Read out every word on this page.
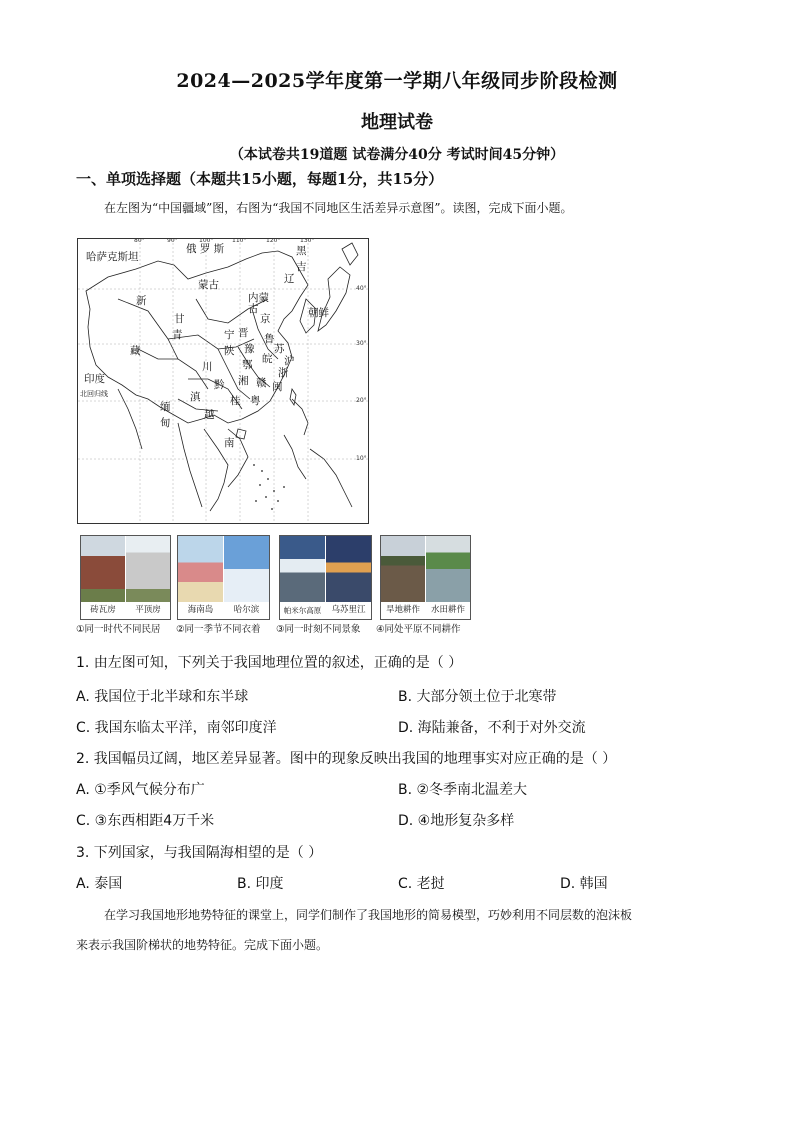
2024—2025学年度第一学期八年级同步阶段检测
地理试卷
（本试卷共19道题 试卷满分40分 考试时间45分钟）
一、单项选择题（本题共15小题，每题1分，共15分）
在左图为“中国疆域”图，右图为“我国不同地区生活差异示意图”。读图，完成下面小题。
80°	90°	100°	110°	120°	130°
40°
30°
20°
10°
哈萨克斯坦
俄 罗 斯
蒙古
新
甘
青
藏
印度
北回归线
川
滇
黔
缅
甸
越
南
桂
湘 赣 闽
粤
黑
吉
辽
朝鲜
内蒙古
晋
豫
鲁
京
陕
鄂 皖
苏
沪
浙
宁
砖瓦房	平顶房	海南岛	哈尔滨	帕米尔高原	乌苏里江	旱地耕作	水田耕作
①同一时代不同民居 ②同一季节不同衣着 ③同一时刻不同景象 ④同处平原不同耕作
1. 由左图可知，下列关于我国地理位置的叙述，正确的是（ ）
A. 我国位于北半球和东半球	B. 大部分领土位于北寒带
C. 我国东临太平洋，南邻印度洋	D. 海陆兼备，不利于对外交流
2. 我国幅员辽阔，地区差异显著。图中的现象反映出我国的地理事实对应正确的是（ ）
A. ①季风气候分布广	B. ②冬季南北温差大
C. ③东西相距4万千米	D. ④地形复杂多样
3. 下列国家，与我国隔海相望的是（ ）
A. 泰国	B. 印度	C. 老挝	D. 韩国
在学习我国地形地势特征的课堂上，同学们制作了我国地形的简易模型，巧妙利用不同层数的泡沫板
来表示我国阶梯状的地势特征。完成下面小题。
